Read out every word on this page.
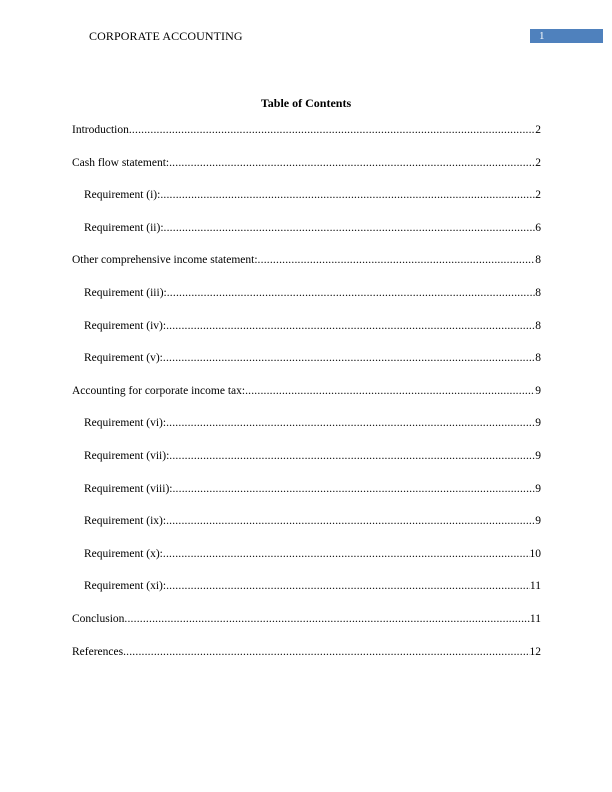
CORPORATE ACCOUNTING	1
Table of Contents
Introduction .....	2
Cash flow statement: .....	2
Requirement (i): .....	2
Requirement (ii): .....	6
Other comprehensive income statement: .....	8
Requirement (iii): .....	8
Requirement (iv): .....	8
Requirement (v): .....	8
Accounting for corporate income tax: .....	9
Requirement (vi): .....	9
Requirement (vii): .....	9
Requirement (viii): .....	9
Requirement (ix): .....	9
Requirement (x): .....	10
Requirement (xi): .....	11
Conclusion .....	11
References .....	12
